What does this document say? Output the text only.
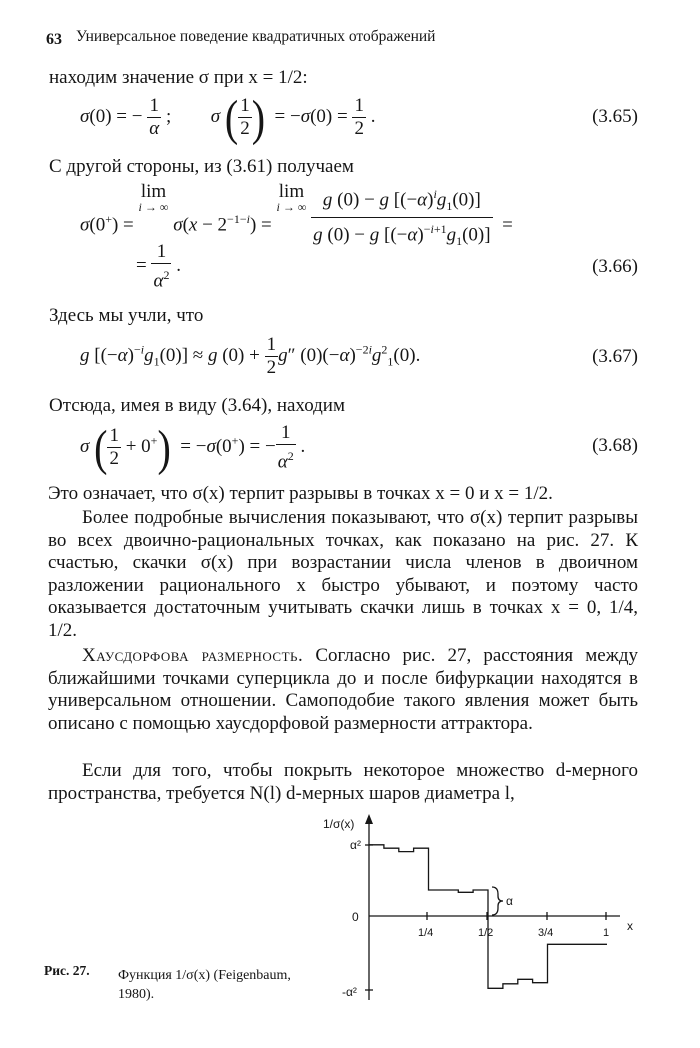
63 Универсальное поведение квадратичных отображений
находим значение σ при x = 1/2:
σ(0) = − $\frac{1}{\alpha}$ ;  σ ( $\frac{1}{2}$ )  = $-\sigma(0) = \frac{1}{2}$ .	(3.65)
С другой стороны, из (3.61) получаем
σ(0+) = lim
i → ∞
$\sigma(x - 2^{-1-i}) = \lim$
i → ∞
$\frac{g (0) - g [(-\alpha)^ig_1(0)]}{g (0) - g [(-\alpha)^{-i+1}g_1(0)]}$ =
= $\frac{1}{\alpha^2}$ .	(3.66)
Здесь мы учли, что
g $[(-\alpha)^{-i}g_1(0)] \approx g$ $(0) + \frac{1}{2} g''$ $(0)(-\alpha)^{-2i}g^2_1(0)$.	(3.67)
Отсюда, имея в виду (3.64), находим
σ ( $\frac{1}{2} + 0^+) = -\sigma(0^+)$ = − $\frac{1}{\alpha^2}$ .	(3.68)

Это означает, что σ(x) терпит разрывы в точках x = 0 и x = 1/2.

Более подробные вычисления показывают, что σ(x) терпит разрывы во всех двоично-рациональных точках, как показано на рис. 27. К счастью, скачки σ(x) при возрастании числа членов в двоичном разложении рационального x быстро убывают, и поэтому часто оказывается достаточным учитывать скачки лишь в точках x = 0, 1/4, 1/2.

Хаусдорфова размерность. Согласно рис. 27, расстояния между ближайшими точками суперцикла до и после бифуркации находятся в универсальном отношении. Самоподобие такого явления может быть описано с помощью хаусдорфовой размерности аттрактора.

Если для того, чтобы покрыть некоторое множество d-мерного пространства, требуется N(l) d-мерных шаров диаметра l,

Рис. 27. Функция 1/σ(x) (Feigenbaum,
1980).
1/σ(x)
x
α²
0
-α²
α
1/4	1/2	3/4	1
